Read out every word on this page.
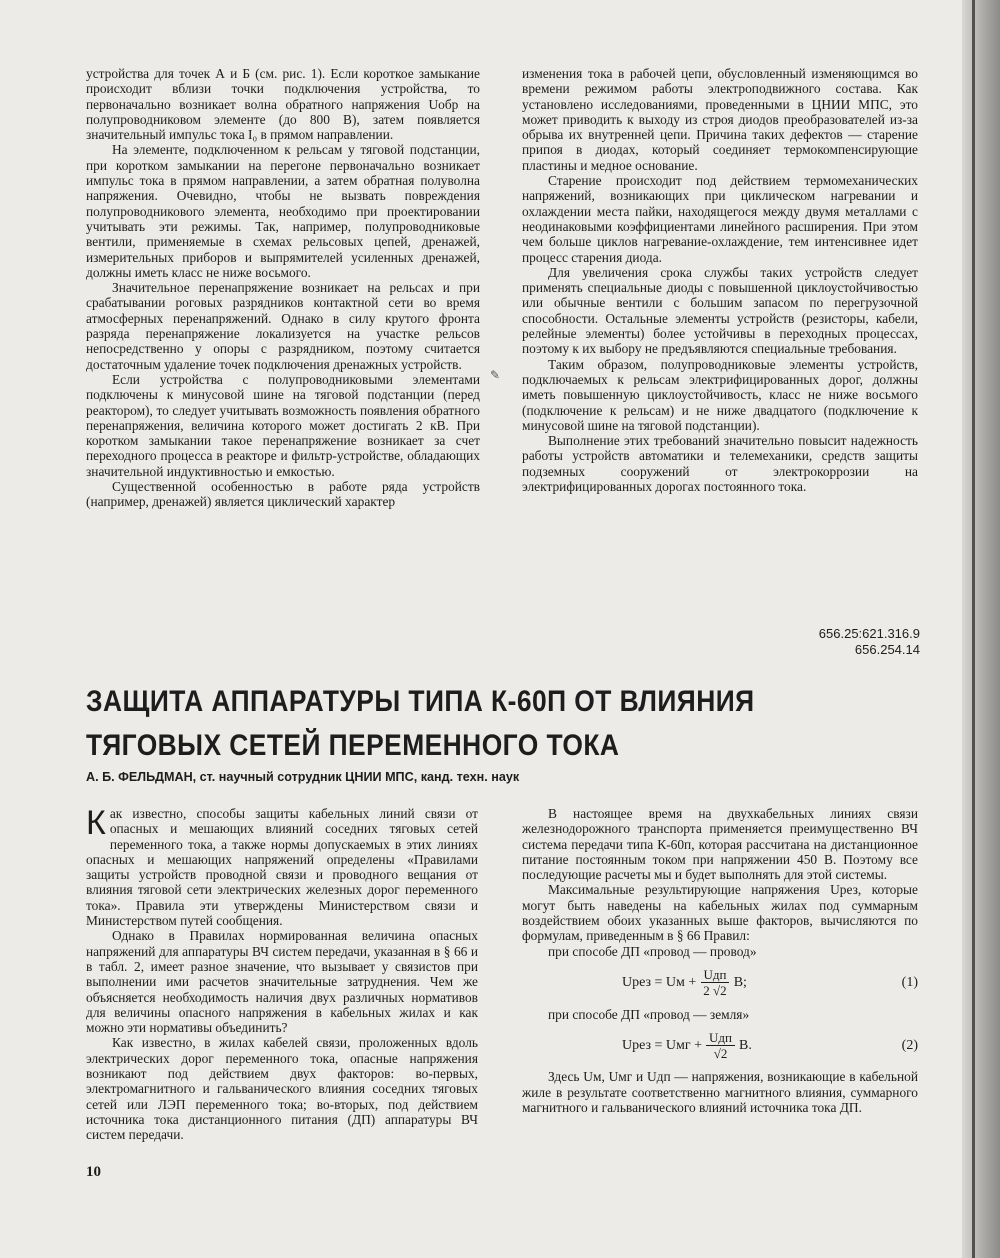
устройства для точек А и Б (см. рис. 1). Если короткое замыкание происходит вблизи точки подключения устройства, то первоначально возникает волна обратного напряжения Uобр на полупроводниковом элементе (до 800 В), затем появляется значительный импульс тока I₀ в прямом направлении.

На элементе, подключенном к рельсам у тяговой подстанции, при коротком замыкании на перегоне первоначально возникает импульс тока в прямом направлении, а затем обратная полуволна напряжения. Очевидно, чтобы не вызвать повреждения полупроводникового элемента, необходимо при проектировании учитывать эти режимы. Так, например, полупроводниковые вентили, применяемые в схемах рельсовых цепей, дренажей, измерительных приборов и выпрямителей усиленных дренажей, должны иметь класс не ниже восьмого.

Значительное перенапряжение возникает на рельсах и при срабатывании роговых разрядников контактной сети во время атмосферных перенапряжений. Однако в силу крутого фронта разряда перенапряжение локализуется на участке рельсов непосредственно у опоры с разрядником, поэтому считается достаточным удаление точек подключения дренажных устройств.

Если устройства с полупроводниковыми элементами подключены к минусовой шине на тяговой подстанции (перед реактором), то следует учитывать возможность появления обратного перенапряжения, величина которого может достигать 2 кВ. При коротком замыкании такое перенапряжение возникает за счет переходного процесса в реакторе и фильтр-устройстве, обладающих значительной индуктивностью и емкостью.

Существенной особенностью в работе ряда устройств (например, дренажей) является циклический характер

✎

изменения тока в рабочей цепи, обусловленный изменяющимся во времени режимом работы электроподвижного состава. Как установлено исследованиями, проведенными в ЦНИИ МПС, это может приводить к выходу из строя диодов преобразователей из-за обрыва их внутренней цепи. Причина таких дефектов — старение припоя в диодах, который соединяет термокомпенсирующие пластины и медное основание.

Старение происходит под действием термомеханических напряжений, возникающих при циклическом нагревании и охлаждении места пайки, находящегося между двумя металлами с неодинаковыми коэффициентами линейного расширения. При этом чем больше циклов нагревание-охлаждение, тем интенсивнее идет процесс старения диода.

Для увеличения срока службы таких устройств следует применять специальные диоды с повышенной циклоустойчивостью или обычные вентили с большим запасом по перегрузочной способности. Остальные элементы устройств (резисторы, кабели, релейные элементы) более устойчивы в переходных процессах, поэтому к их выбору не предъявляются специальные требования.

Таким образом, полупроводниковые элементы устройств, подключаемых к рельсам электрифицированных дорог, должны иметь повышенную циклоустойчивость, класс не ниже восьмого (подключение к рельсам) и не ниже двадцатого (подключение к минусовой шине на тяговой подстанции).

Выполнение этих требований значительно повысит надежность работы устройств автоматики и телемеханики, средств защиты подземных сооружений от электрокоррозии на электрифицированных дорогах постоянного тока.

656.25:621.316.9
656.254.14
ЗАЩИТА АППАРАТУРЫ ТИПА К-60П ОТ ВЛИЯНИЯ
ТЯГОВЫХ СЕТЕЙ ПЕРЕМЕННОГО ТОКА
А. Б. ФЕЛЬДМАН, ст. научный сотрудник ЦНИИ МПС, канд. техн. наук

Как известно, способы защиты кабельных линий связи от опасных и мешающих влияний соседних тяговых сетей переменного тока, а также нормы допускаемых в этих линиях опасных и мешающих напряжений определены «Правилами защиты устройств проводной связи и проводного вещания от влияния тяговой сети электрических железных дорог переменного тока». Правила эти утверждены Министерством связи и Министерством путей сообщения.

Однако в Правилах нормированная величина опасных напряжений для аппаратуры ВЧ систем передачи, указанная в § 66 и в табл. 2, имеет разное значение, что вызывает у связистов при выполнении ими расчетов значительные затруднения. Чем же объясняется необходимость наличия двух различных нормативов для величины опасного напряжения в кабельных жилах и как можно эти нормативы объединить?

Как известно, в жилах кабелей связи, проложенных вдоль электрических дорог переменного тока, опасные напряжения возникают под действием двух факторов: во-первых, электромагнитного и гальванического влияния соседних тяговых сетей или ЛЭП переменного тока; во-вторых, под действием источника тока дистанционного питания (ДП) аппаратуры ВЧ систем передачи.

В настоящее время на двухкабельных линиях связи железнодорожного транспорта применяется преимущественно ВЧ система передачи типа К-60п, которая рассчитана на дистанционное питание постоянным током при напряжении 450 В. Поэтому все последующие расчеты мы и будет выполнять для этой системы.

Максимальные результирующие напряжения Uрез, которые могут быть наведены на кабельных жилах под суммарным воздействием обоих указанных выше факторов, вычисляются по формулам, приведенным в § 66 Правил:

при способе ДП «провод — провод»

Uрез = Uм + $\frac{\text{Uдп}}{2 √2} В$;	(1)

при способе ДП «провод — земля»

Uрез = Uмг + $\frac{\text{Uдп}}{√2} В$.	(2)

Здесь Uм, Uмг и Uдп — напряжения, возникающие в кабельной жиле в результате соответственно магнитного влияния, суммарного магнитного и гальванического влияний источника тока ДП.

10
